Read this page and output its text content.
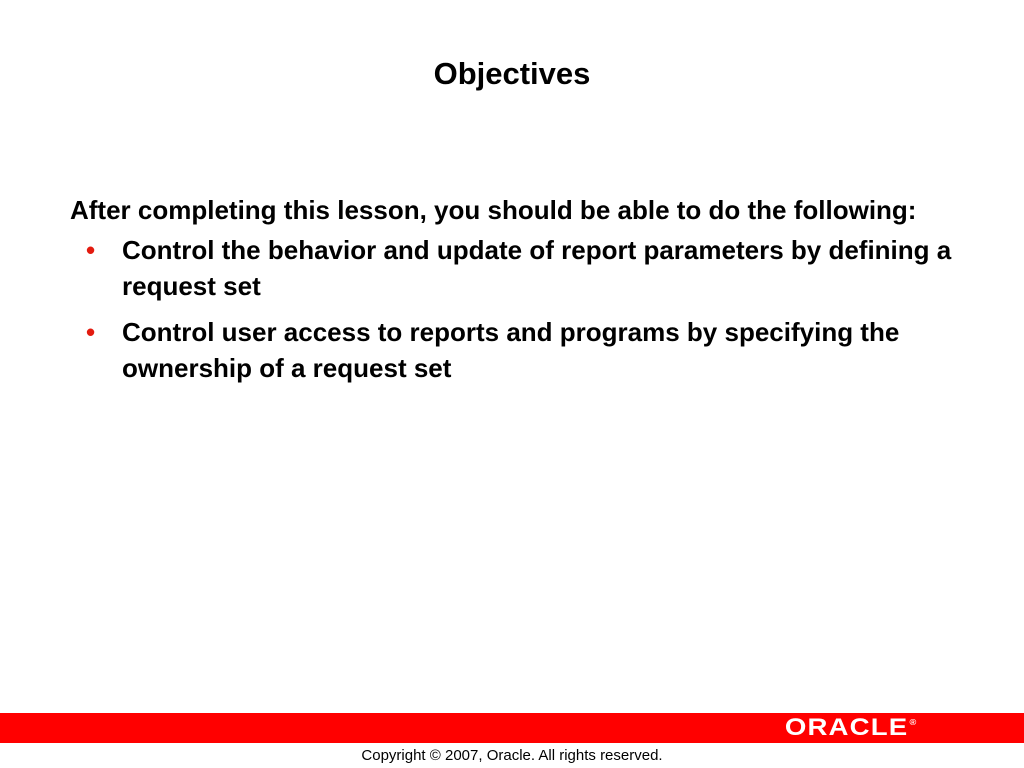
Objectives

After completing this lesson, you should be able to do the following:

• Control the behavior and update of report parameters by defining a request set
• Control user access to reports and programs by specifying the ownership of a request set
ORACLE ®
Copyright © 2007, Oracle. All rights reserved.
